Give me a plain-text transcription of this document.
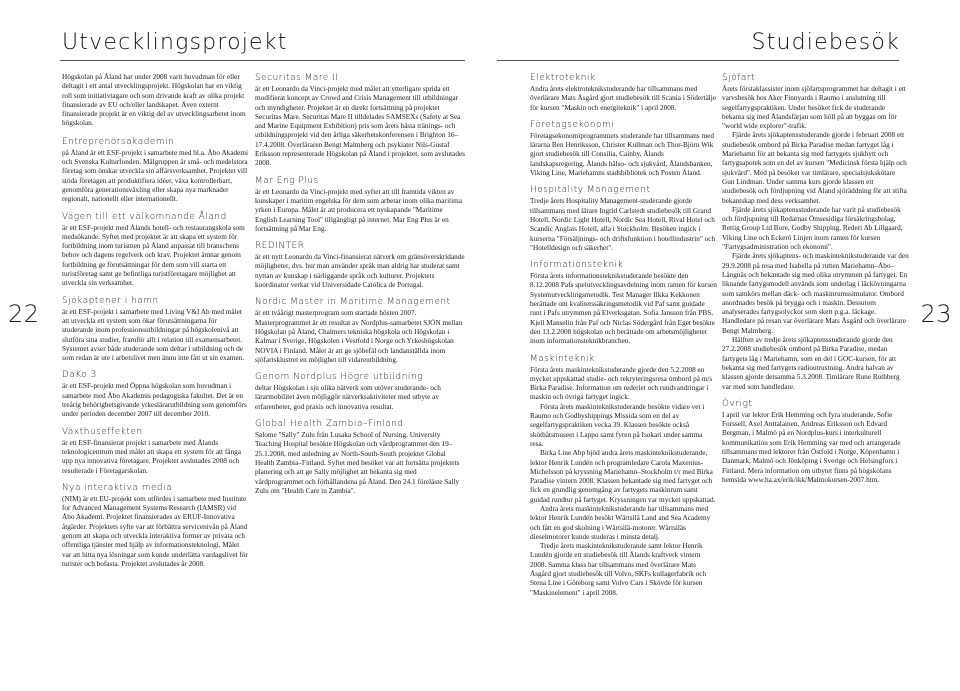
Utvecklingsprojekt	Studiebesök
22	23

Högskolan på Åland har under 2008 varit huvudman för eller deltagit i ett antal utvecklingsprojekt. Högskolan har en viktig roll som initiativtagare och som drivande kraft av olika projekt finansierade av EU och/eller landskapet. Även externt finansierade projekt är en viktig del av utvecklingsarbetet inom högskolan.

Entreprenörsakademin

på Åland är ett ESF-projekt i samarbete med bl.a. Åbo Akademi och Svenska Kulturfonden. Målgruppen är små- och medelstora företag som önskar utveckla sin affärsverksamhet. Projektet vill stöda företagen att produktifiera idéer, växa kontrollerbart, genomföra generationsväxling eller skapa nya marknader regionalt, nationellt eller internationellt.

Vägen till ett välkomnande Åland

är ett ESF-projekt med Ålands hotell- och restaurangskola som medsökande. Syftet med projektet är att skapa ett system för fortbildning inom turismen på Åland anpassat till branschens behov och dagens regelverk och krav. Projektet ämnar genom fortbildning ge förutsättningar för dem som vill starta ett turistföretag samt ge befintliga turistföretagare möjlighet att utveckla sin verksamhet.

Sjökaptener i hamn

är ett ESF-projekt i samarbete med Living V&I Ab med målet att utveckla ett system som ökar förutsättningarna för studerande inom professionsutbildningar på högskolenivå att slutföra sina studier, framför allt i relation till examensarbetet. Systemet avser både studerande som deltar i utbildning och de som redan är ute i arbetslivet men ännu inte fått ut sin examen.

DaKo 3

är ett ESF-projekt med Öppna högskolan som huvudman i samarbete med Åbo Akademis pedagogiska fakultet. Det är en treårig behörighetsgivande yrkeslärarutbildning som genomförs under perioden december 2007 till december 2010.

Växthuseffekten

är ett ESF-finansierat projekt i samarbete med Ålands teknologicentrum med målet att skapa ett system för att fånga upp nya innovativa företagare. Projektet avslutades 2008 och resulterade i Företagarskolan.

Nya interaktiva media

(NIM) är ett EU-projekt som utfördes i samarbete med Institute for Advanced Management Systems Research (IAMSR) vid Åbo Akademi. Projektet finansierades av ERUF-Innovativa åtgärder. Projektets syfte var att förbättra servicenivån på Åland genom att skapa och utveckla interaktiva former av privata och offentliga tjänster med hjälp av informationsteknologi. Målet var att hitta nya lösningar som kunde underlätta vardagslivet för turister och bofasta. Projektet avslutades år 2008.

Securitas Mare II

är ett Leonardo da Vinci-projekt med målet att ytterligare sprida ett modifierat koncept av Crowd and Crisis Management till utbildningar och myndigheter. Projektet är en direkt fortsättning på projektet Securitas Mare. Securitas Mare II tilldelades SAMSEXs (Safety at Sea and Marine Equipment Exhibition) pris som årets bästa tränings- och utbildningsprojekt vid den årliga säkerhetskonferensen i Brighton 16–17.4.2008. Överläraren Bengt Malmberg och psykiater Nils-Gustaf Eriksson representerade Högskolan på Åland i projektet, som avslutades 2008.

Mar Eng Plus

är ett Leonardo da Vinci-projekt med syftet att till framtida vikten av kunskaper i maritim engelska för dem som arbetar inom olika maritima yrken i Europa. Målet är att producera ett nyskapande "Maritime English Learning Tool" tillgängligt på internet. Mar Eng Plus är en fortsättning på Mar Eng.

REDINTER

är ett nytt Leonardo da Vinci-finansierat nätverk om gränsöverskridande möjligheter, dvs. hur man använder språk man aldrig har studerat samt nyttan av kunskap i närliggande språk och kulturer. Projektets koordinator verkar vid Universidade Católica de Portugal.

Nordic Master in Maritime Management

är ett tvåårigt masterprogram som startade hösten 2007. Masterprogrammet är ett resultat av Nordplus-samarbetet SJÖN mellan Högskolan på Åland, Chalmers tekniska högskola och Högskolan i Kalmar i Sverige, Högskolen i Vestfold i Norge och Yrkeshögskolan NOVIA i Finland. Målet är att ge sjöbefäl och landanställda inom sjöfartsklustret en möjlighet till vidareutbildning.

Genom Nordplus Högre utbildning

deltar Högskolan i sju olika nätverk som utöver studerande- och lärarmobilitet även möjliggör nätverksaktiviteter med utbyte av erfarenheter, god praxis och innovativa resultat.

Global Health Zambia–Finland

Salome "Sally" Zulu från Lusaka School of Nursing, University Teaching Hospital besökte Högskolan och vårdprogrammet den 19–25.1.2008, med anledning av North-South-South projektet Global Health Zambia–Finland. Syftet med besöket var att fortsätta projektets planering och att ge Sally möjlighet att bekanta sig med vårdprogrammet och förhållandena på Åland. Den 24.1 föreläste Sally Zulu om "Health Care in Zambia".

Elektroteknik

Andra årets elektroteknikstuderande har tillsammans med överlärare Mats Åsgård gjort studiebesök till Scania i Södertälje för kursen "Maskin och energiteknik" i april 2008.

Företagsekonomi

Företagsekonomiprogrammets studerande har tillsammans med lärarna Ben Henriksson, Christer Kullman och Thor-Björn Wik gjort studiebesök till Consilia, Cainby, Ålands landskapsregering, Ålands hälso- och sjukvård, Ålandsbanken, Viking Line, Mariehamns stadsbibliotek och Posten Åland.

Hospitality Management

Tredje årets Hospitality Management-studerande gjorde tillsammans med lärare Ingrid Carlstedt studiebesök till Grand Hotell, Nordic Light Hotell, Nordic Sea Hotell, Rival Hotel och Scandic Anglais Hotell, alla i Stockholm. Besöken ingick i kurserna "Försäljnings- och driftsfunktion i hotellindustrin" och "Hotelldesign och säkerhet".

Informationsteknik

Första årets informationsteknikstuderande besökte den 8.12.2008 Pafs spelutvecklingsavdelning inom ramen för kursen Systemutvecklingsmetodik. Test Manager Ilkka Kekkonen berättade om kvalitetssäkringsmetodik vid Paf samt guidade runt i Pafs utrymmen på Elverksgatan. Sofia Jansson från PBS, Kjell Manselin från Paf och Niclas Södergård från Eget besökte den 13.2.2008 högskolan och berättade om arbetsmöjligheter inom informationsteknikbranchen.

Maskinteknik

Första årets maskinteknikstuderande gjorde den 5.2.2008 en mycket uppskattad studie- och rekryteringsresa ombord på m/s Birka Paradise. Information om rederiet och rundvandringar i maskin och övriga fartyget ingick.

Första årets maskinteknikstuderande besökte vidare vet i Raumo och Godbyshippings Missida som en del av segelfartygspraktiken vecka 39. Klassen besökte också skötbåtsmuseet i Lappo samt fyren på Isokari under samma resa.

Birka Line Abp bjöd andra årets maskinteknikstuderande, lektor Henrik Lundén och programledare Carola Maxenius-Michelsson på kryssning Mariehamn–Stockholm t/r med Birka Paradise vintern 2008. Klassen bekantade sig med fartyget och fick en grundlig genomgång av fartygets maskinrum samt guidad rundtur på fartyget. Kryssningen var mycket uppskattad.

Andra årets maskinteknikstuderande har tillsammans med lektor Henrik Lundén besökt Wärtsilä Land and Sea Academy och fått en god skolning i Wärtsilä-motorer. Wärtsiläs dieselmotorer kunde studeras i minsta detalj.

Tredje årets maskinteknikstuderande samt lektor Henrik Lundén gjorde ett studiebesök till Ålands kraftverk vintern 2008. Samma klass har tillsammans med överlärare Mats Åsgård gjort studiebesök till Volvo, SKFs kullagerfabrik och Stena Line i Göteborg samt Volvo Cars i Skövde för kursen "Maskinelement" i april 2008.

Sjöfart

Årets förstaklassister inom sjöfartsprogrammet har deltagit i ett varvsbesök hos Aker Finnyards i Raumo i anslutning till segelfartygspraktiken. Under besöket fick de studerande bekanta sig med Ålandsfärjan som höll på att byggas om för "world wide explorer"-trafik.

Fjärde årets sjökaptensstuderande gjorde i februari 2008 ett studiebesök ombord på Birka Paradise medan fartyget låg i Mariehamn för att bekanta sig med fartygets sjukhytt och fartygsapotek som en del av kursen "Medicinsk första hjälp och sjukvård". Med på besöket var timlärare, specialsjukskötare Gun Lindman. Under samma kurs gjorde klassen ett studiebesök och fördjupning vid Åland sjöräddning för att stifta bekantskap med dess verksamhet.

Fjärde årets sjökaptensstuderande har varit på studiebesök och fördjupning till Redarnas Ömsesidiga försäkringsbolag, Rettig Group Ltd Bore, Godby Shipping, Rederi Ab Lillgaard, Viking Line och Eckerö Linjen inom ramen för kursen "Fartygsadministration och ekonomi".

Fjärde årets sjökaptens- och maskinteknikstuderande var den 29.9.2008 på resa med Isabella på rutten Mariehamn–Åbo–Långnäs och bekantade sig med olika utrymmen på fartyget. En liknande fartygsmodell används som underlag i läckövningarna som samkörs mellan däck- och maskinrumssimulator. Ombord anordnades besök på brygga och i maskin. Dessutom analyserades fartygsolyckor som skett p.g.a. läckage. Handledare på resan var överlärare Mats Åsgård och överlärare Bengt Malmberg.

Hälften av tredje årets sjökaptensstuderande gjorde den 27.2.2008 studiebesök ombord på Birka Paradise, medan fartygets låg i Mariehamn, som en del i GOC-kursen, för att bekanta sig med fartygets radioutrustning. Andra halvan av klassen gjorde detsamma 5.3.2008. Timlärare Rune Rothberg var med som handledare.

Övrigt

I april var lektor Erik Hemming och fyra studerande, Sofie Forssell, Axel Anttalainen, Andreas Eriksson och Edvard Bergman, i Malmö på en Nordplus-kurs i interkulturell kommunikation som Erik Hemming var med och arrangerade tillsammans med lektorer från Östfold i Norge, Köpenhamn i Danmark, Malmö och Jönköping i Sverige och Helsingfors i Finland. Mera information om utbytet finns på högskolans hemsida www.ha.ax/erik/ikk/Malmokursen-2007.htm.
